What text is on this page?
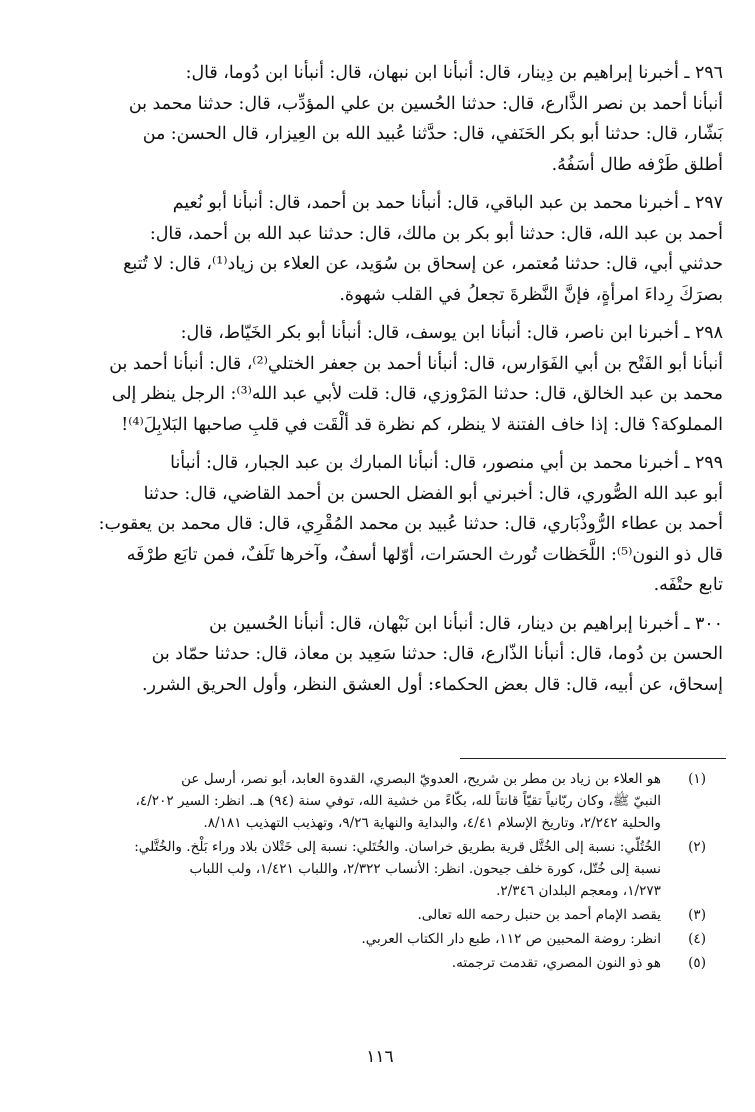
٢٩٦ ـ أخبرنا إبراهيم بن دِينار، قال: أنبأنا ابن نبهان، قال: أنبأنا ابن دُوما، قال:
أنبأنا أحمد بن نصر الذَّارع، قال: حدثنا الحُسين بن علي المؤدِّب، قال: حدثنا محمد بن
بَشّار، قال: حدثنا أبو بكر الحَنَفي، قال: حدَّثنا عُبيد الله بن العِيزار، قال الحسن: من
أطلق طَرْفه طال أسَفُهُ.
٢٩٧ ـ أخبرنا محمد بن عبد الباقي، قال: أنبأنا حمد بن أحمد، قال: أنبأنا أبو نُعيم
أحمد بن عبد الله، قال: حدثنا أبو بكر بن مالك، قال: حدثنا عبد الله بن أحمد، قال:
حدثني أبي، قال: حدثنا مُعتمر، عن إسحاق بن سُوَيد، عن العلاء بن زياد⁽¹⁾، قال: لا تُتبع
بصرَكَ رِداءَ امرأةٍ، فإنَّ النَّظرةَ تجعلُ في القلب شهوة.
٢٩٨ ـ أخبرنا ابن ناصر، قال: أنبأنا ابن يوسف، قال: أنبأنا أبو بكر الخَيّاط، قال:
أنبأنا أبو الفَتْح بن أبي الفَوَارس، قال: أنبأنا أحمد بن جعفر الختلي⁽²⁾، قال: أنبأنا أحمد بن
محمد بن عبد الخالق، قال: حدثنا المَرْوزي، قال: قلت لأبي عبد الله⁽³⁾: الرجل ينظر إلى
المملوكة؟ قال: إذا خاف الفتنة لا ينظر، كم نظرة قد ألْقَت في قلبِ صاحبها البَلابِلَ⁽⁴⁾!
٢٩٩ ـ أخبرنا محمد بن أبي منصور، قال: أنبأنا المبارك بن عبد الجبار، قال: أنبأنا
أبو عبد الله الصُّوري، قال: أخبرني أبو الفضل الحسن بن أحمد القاضي، قال: حدثنا
أحمد بن عطاء الرُّوذْبَاري، قال: حدثنا عُبيد بن محمد المُقْرِي، قال: قال محمد بن يعقوب:
قال ذو النون⁽⁵⁾: اللَّحَظات تُورث الحسَرات، أوّلها أسفٌ، وآخرها تَلَفٌ، فمن تابَع طرْفَه
تابع حتْفَه.
٣٠٠ ـ أخبرنا إبراهيم بن دينار، قال: أنبأنا ابن نَبْهان، قال: أنبأنا الحُسين بن
الحسن بن دُوما، قال: أنبأنا الذّارع، قال: حدثنا سَعِيد بن معاذ، قال: حدثنا حمّاد بن
إسحاق، عن أبيه، قال: قال بعض الحكماء: أول العشق النظر، وأول الحريق الشرر.
(١)
هو العلاء بن زياد بن مطر بن شريح، العدويّ البصري، القدوة العابد، أبو نصر، أرسل عن
النبيّ ﷺ، وكان ربّانياً تقيّاً قانتاً لله، بكّاءً من خشية الله، توفي سنة (٩٤) هـ. انظر: السير ٤/٢٠٢،
والحلية ٢/٢٤٢، وتاريخ الإسلام ٤/٤١، والبداية والنهاية ٩/٢٦، وتهذيب التهذيب ٨/١٨١.
(٢)
الخُتُلّي: نسبة إلى الخُتَّل قرية بطريق خراسان. والخُتَلي: نسبة إلى خَتْلان بلاد وراء بَلْخ. والخُتَّلي:
نسبة إلى خُتّل، كورة خلف جيحون. انظر: الأنساب ٢/٣٢٢، واللباب ١/٤٢١، ولب اللباب
١/٢٧٣، ومعجم البلدان ٢/٣٤٦.
(٣)
يقصد الإمام أحمد بن حنبل رحمه الله تعالى.
(٤)
انظر: روضة المحبين ص ١١٢، طبع دار الكتاب العربي.
(٥)
هو ذو النون المصري، تقدمت ترجمته.
١١٦
